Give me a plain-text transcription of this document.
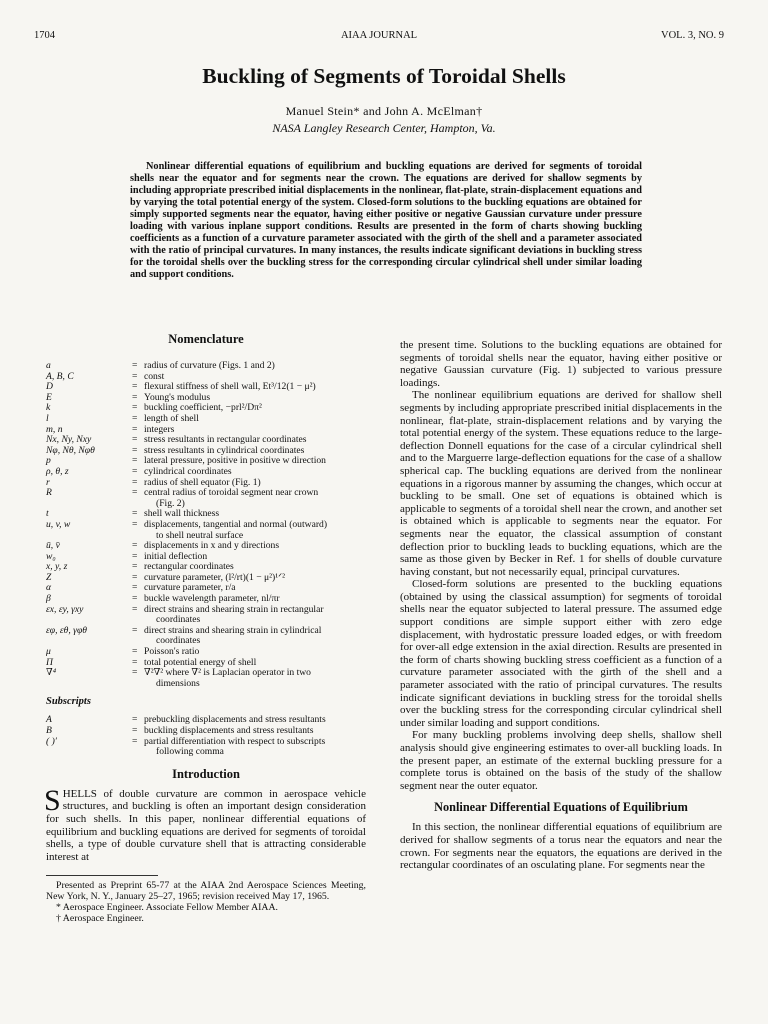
1704	AIAA JOURNAL	VOL. 3, NO. 9
Buckling of Segments of Toroidal Shells
Manuel Stein* and John A. McElman†
NASA Langley Research Center, Hampton, Va.

Nonlinear differential equations of equilibrium and buckling equations are derived for segments of toroidal shells near the equator and for segments near the crown. The equations are derived for shallow segments by including appropriate prescribed initial displacements in the nonlinear, flat-plate, strain-displacement equations and by varying the total potential energy of the system. Closed-form solutions to the buckling equations are obtained for simply supported segments near the equator, having either positive or negative Gaussian curvature under pressure loading with various inplane support conditions. Results are presented in the form of charts showing buckling coefficients as a function of a curvature parameter associated with the girth of the shell and a parameter associated with the ratio of principal curvatures. In many instances, the results indicate significant deviations in buckling stress for the toroidal shells over the buckling stress for the corresponding circular cylindrical shell under similar loading and support conditions.

Nomenclature
a	= radius of curvature (Figs. 1 and 2)
A, B, C	= const
D	= flexural stiffness of shell wall, Et³/12(1 − μ²)
E	= Young's modulus
k	= buckling coefficient, −prl²/Dπ²
l	= length of shell
m, n	= integers
Nx, Ny, Nxy	= stress resultants in rectangular coordinates
Nφ, Nθ, Nφθ	= stress resultants in cylindrical coordinates
p	= lateral pressure, positive in positive w direction
ρ, θ, z	= cylindrical coordinates
r	= radius of shell equator (Fig. 1)
R	= central radius of toroidal segment near crown
(Fig. 2)
t	= shell wall thickness
u, v, w	= displacements, tangential and normal (outward)
to shell neutral surface
ū, v̄	= displacements in x and y directions
w₀	= initial deflection
x, y, z	= rectangular coordinates
Z	= curvature parameter, (l²/rt)(1 − μ²)¹ᐟ²
α	= curvature parameter, r/a
β	= buckle wavelength parameter, nl/πr
εx, εy, γxy	= direct strains and shearing strain in rectangular
coordinates
εφ, εθ, γφθ	= direct strains and shearing strain in cylindrical
coordinates
μ	= Poisson's ratio
Π	= total potential energy of shell
∇⁴	= ∇²∇² where ∇² is Laplacian operator in two
dimensions
Subscripts
A	= prebuckling displacements and stress resultants
B	= buckling displacements and stress resultants
( )′	= partial differentiation with respect to subscripts
following comma
Introduction

SHELLS of double curvature are common in aerospace vehicle structures, and buckling is often an important design consideration for such shells. In this paper, nonlinear differential equations of equilibrium and buckling equations are derived for segments of toroidal shells, a type of double curvature shell that is attracting considerable interest at

Presented as Preprint 65-77 at the AIAA 2nd Aerospace Sciences Meeting, New York, N. Y., January 25–27, 1965; revision received May 17, 1965.

* Aerospace Engineer. Associate Fellow Member AIAA.

† Aerospace Engineer.

the present time. Solutions to the buckling equations are obtained for segments of toroidal shells near the equator, having either positive or negative Gaussian curvature (Fig. 1) subjected to various pressure loadings.

The nonlinear equilibrium equations are derived for shallow shell segments by including appropriate prescribed initial displacements in the nonlinear, flat-plate, strain-displacement relations and by varying the total potential energy of the system. These equations reduce to the large-deflection Donnell equations for the case of a circular cylindrical shell and to the Marguerre large-deflection equations for the case of a shallow spherical cap. The buckling equations are derived from the nonlinear equations in a rigorous manner by assuming the changes, which occur at buckling to be small. One set of equations is obtained which is applicable to segments of a toroidal shell near the crown, and another set is obtained which is applicable to segments near the equator. For segments near the equator, the classical assumption of constant deflection prior to buckling leads to buckling equations, which are the same as those given by Becker in Ref. 1 for shells of double curvature having constant, but not necessarily equal, principal curvatures.

Closed-form solutions are presented to the buckling equations (obtained by using the classical assumption) for segments of toroidal shells near the equator subjected to lateral pressure. The assumed edge support conditions are simple support either with zero edge displacement, with hydrostatic pressure loaded edges, or with freedom for over-all edge extension in the axial direction. Results are presented in the form of charts showing buckling stress coefficient as a function of a curvature parameter associated with the girth of the shell and a parameter associated with the ratio of principal curvatures. The results indicate significant deviations in buckling stress for the toroidal shells over the buckling stress for the corresponding circular cylindrical shell under similar loading and support conditions.

For many buckling problems involving deep shells, shallow shell analysis should give engineering estimates to over-all buckling loads. In the present paper, an estimate of the external buckling pressure for a complete torus is obtained on the basis of the study of the shallow segment near the outer equator.

Nonlinear Differential Equations of Equilibrium

In this section, the nonlinear differential equations of equilibrium are derived for shallow segments of a torus near the equators and near the crown. For segments near the equators, the equations are derived in the rectangular coordinates of an osculating plane. For segments near the
